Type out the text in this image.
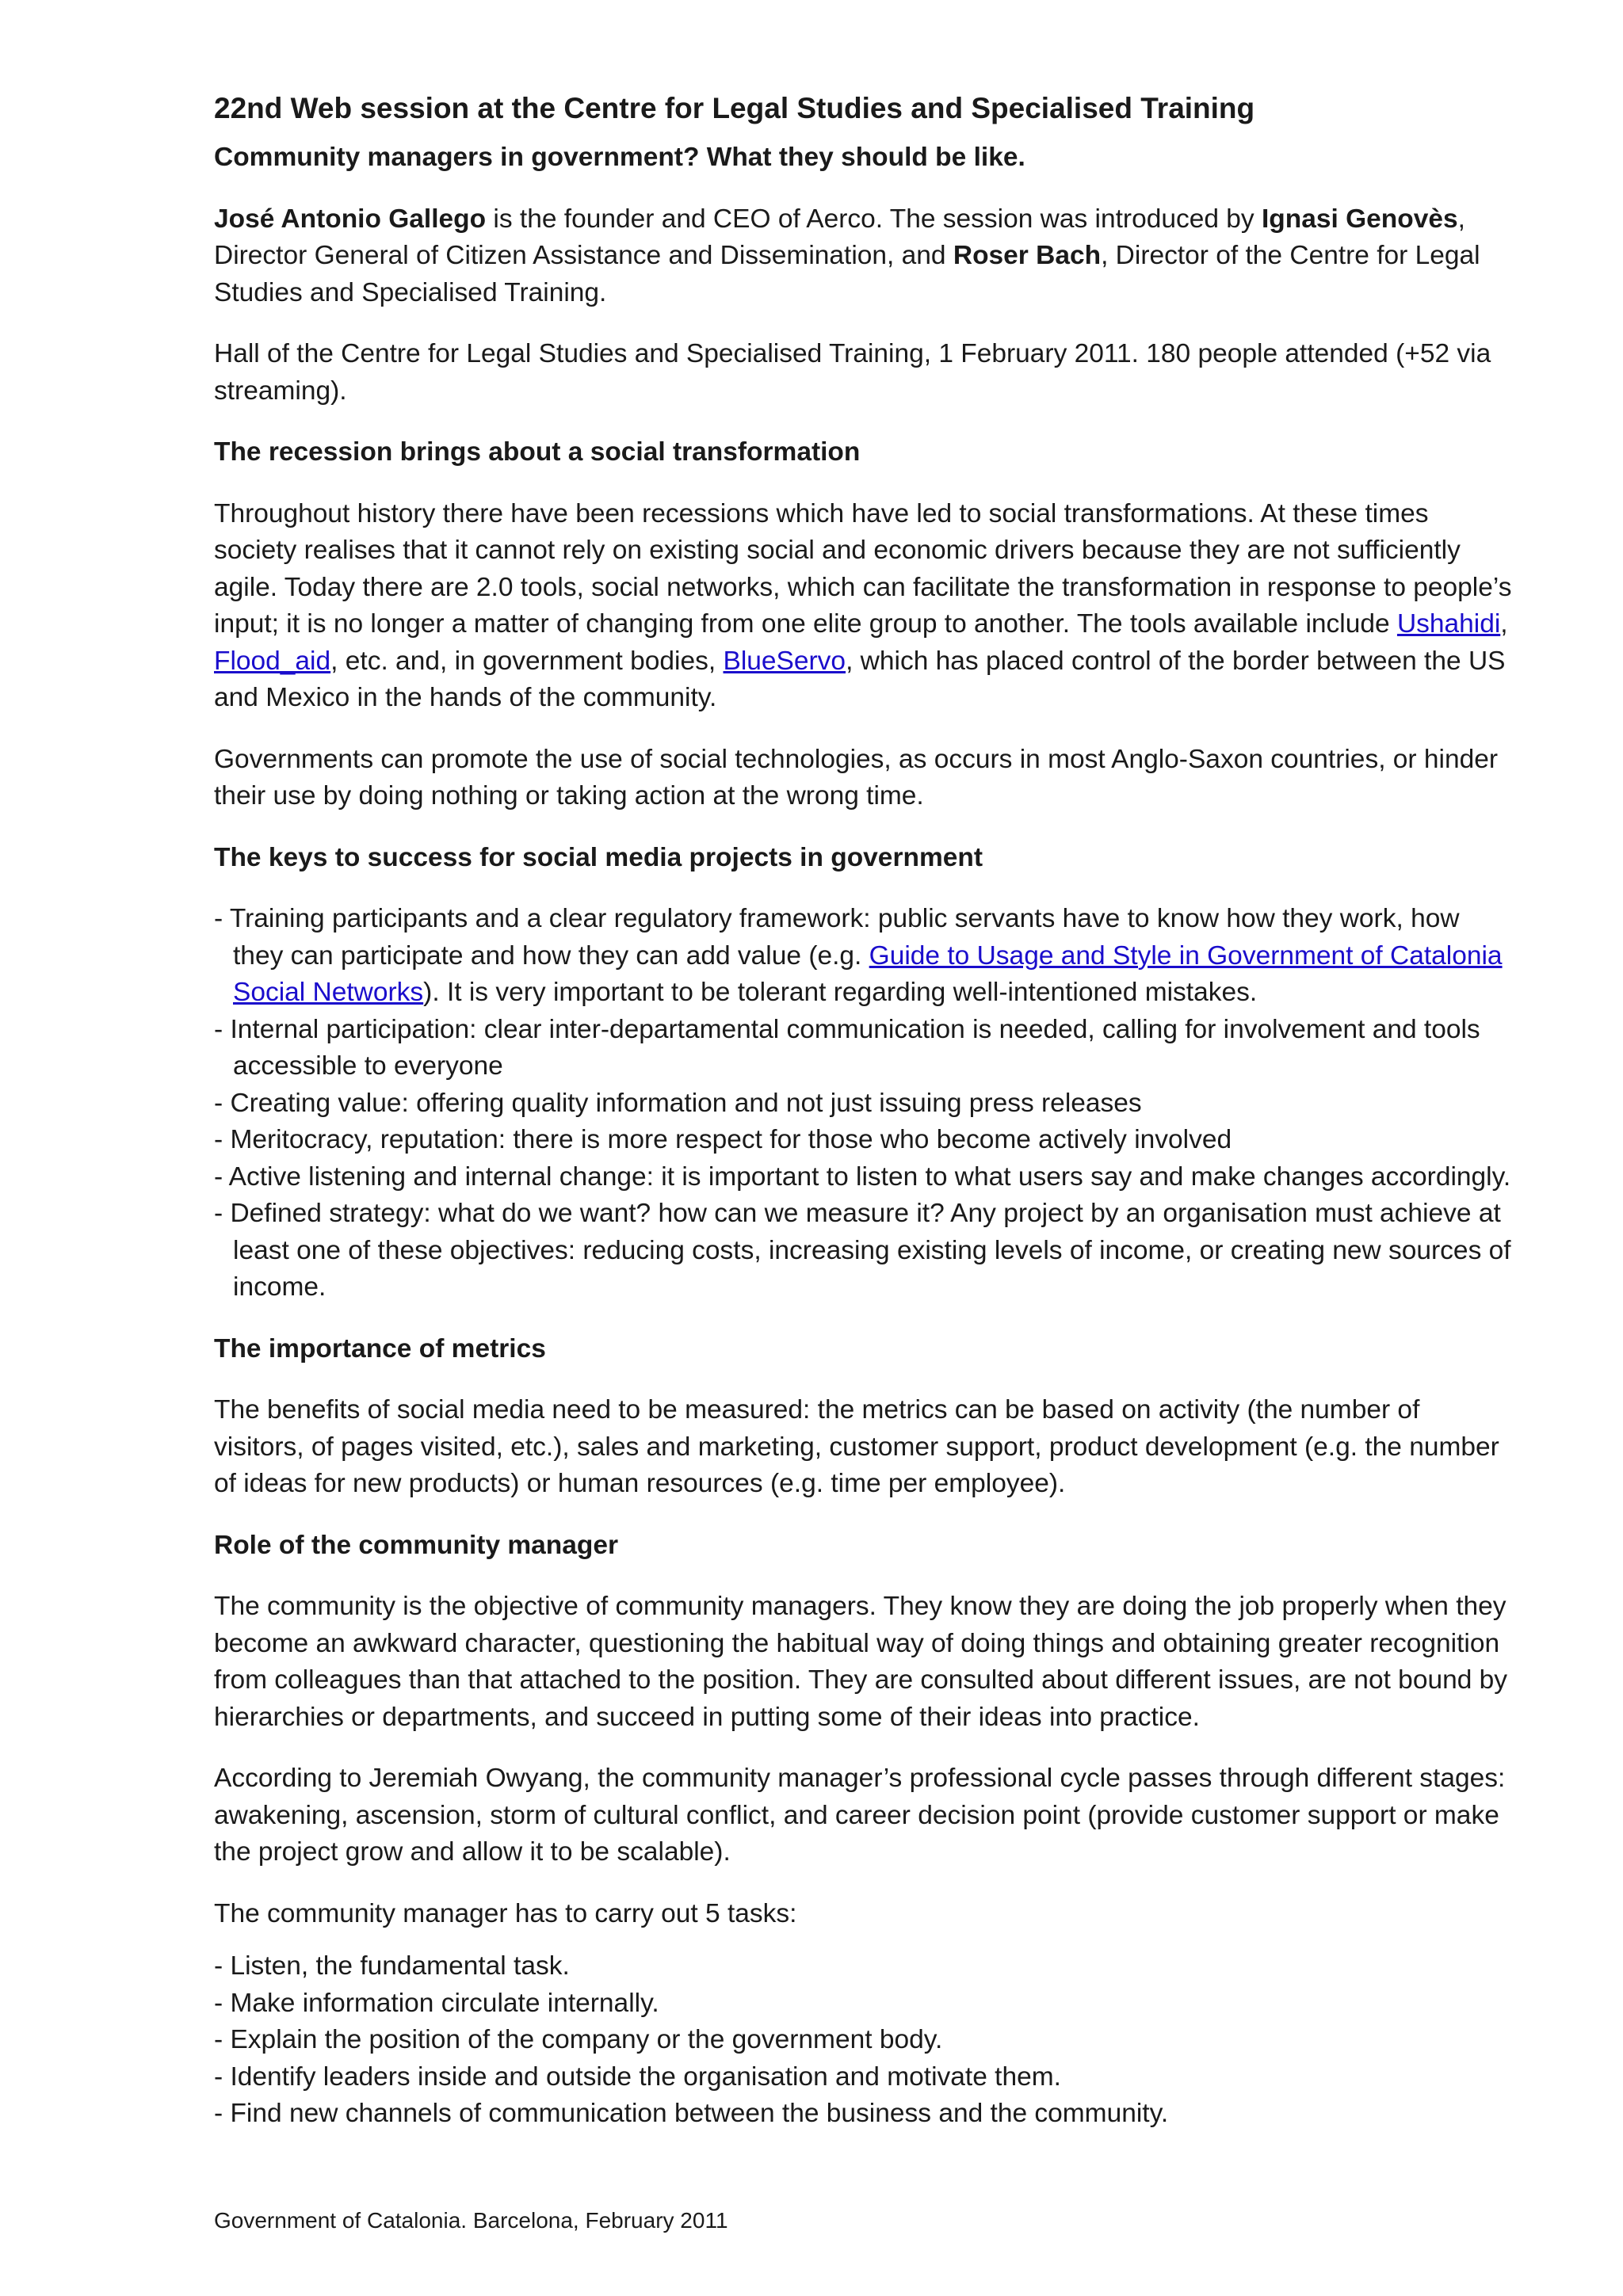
22nd Web session at the Centre for Legal Studies and Specialised Training
Community managers in government? What they should be like.

José Antonio Gallego is the founder and CEO of Aerco. The session was introduced by Ignasi Genovès, Director General of Citizen Assistance and Dissemination, and Roser Bach, Director of the Centre for Legal Studies and Specialised Training.

Hall of the Centre for Legal Studies and Specialised Training, 1 February 2011. 180 people attended (+52 via streaming).

The recession brings about a social transformation

Throughout history there have been recessions which have led to social transformations. At these times society realises that it cannot rely on existing social and economic drivers because they are not sufficiently agile. Today there are 2.0 tools, social networks, which can facilitate the transformation in response to people’s input; it is no longer a matter of changing from one elite group to another. The tools available include Ushahidi, Flood_aid, etc. and, in government bodies, BlueServo, which has placed control of the border between the US and Mexico in the hands of the community.

Governments can promote the use of social technologies, as occurs in most Anglo-Saxon countries, or hinder their use by doing nothing or taking action at the wrong time.

The keys to success for social media projects in government
- Training participants and a clear regulatory framework: public servants have to know how they work, how they can participate and how they can add value (e.g. Guide to Usage and Style in Government of Catalonia Social Networks). It is very important to be tolerant regarding well-intentioned mistakes.
- Internal participation: clear inter-departamental communication is needed, calling for involvement and tools accessible to everyone
- Creating value: offering quality information and not just issuing press releases
- Meritocracy, reputation: there is more respect for those who become actively involved
- Active listening and internal change: it is important to listen to what users say and make changes accordingly.
- Defined strategy: what do we want? how can we measure it? Any project by an organisation must achieve at least one of these objectives: reducing costs, increasing existing levels of income, or creating new sources of income.
The importance of metrics

The benefits of social media need to be measured: the metrics can be based on activity (the number of visitors, of pages visited, etc.), sales and marketing, customer support, product development (e.g. the number of ideas for new products) or human resources (e.g. time per employee).

Role of the community manager

The community is the objective of community managers. They know they are doing the job properly when they become an awkward character, questioning the habitual way of doing things and obtaining greater recognition from colleagues than that attached to the position. They are consulted about different issues, are not bound by hierarchies or departments, and succeed in putting some of their ideas into practice.

According to Jeremiah Owyang, the community manager’s professional cycle passes through different stages: awakening, ascension, storm of cultural conflict, and career decision point (provide customer support or make the project grow and allow it to be scalable).

The community manager has to carry out 5 tasks:

- Listen, the fundamental task.
- Make information circulate internally.
- Explain the position of the company or the government body.
- Identify leaders inside and outside the organisation and motivate them.
- Find new channels of communication between the business and the community.
Government of Catalonia. Barcelona, February 2011
